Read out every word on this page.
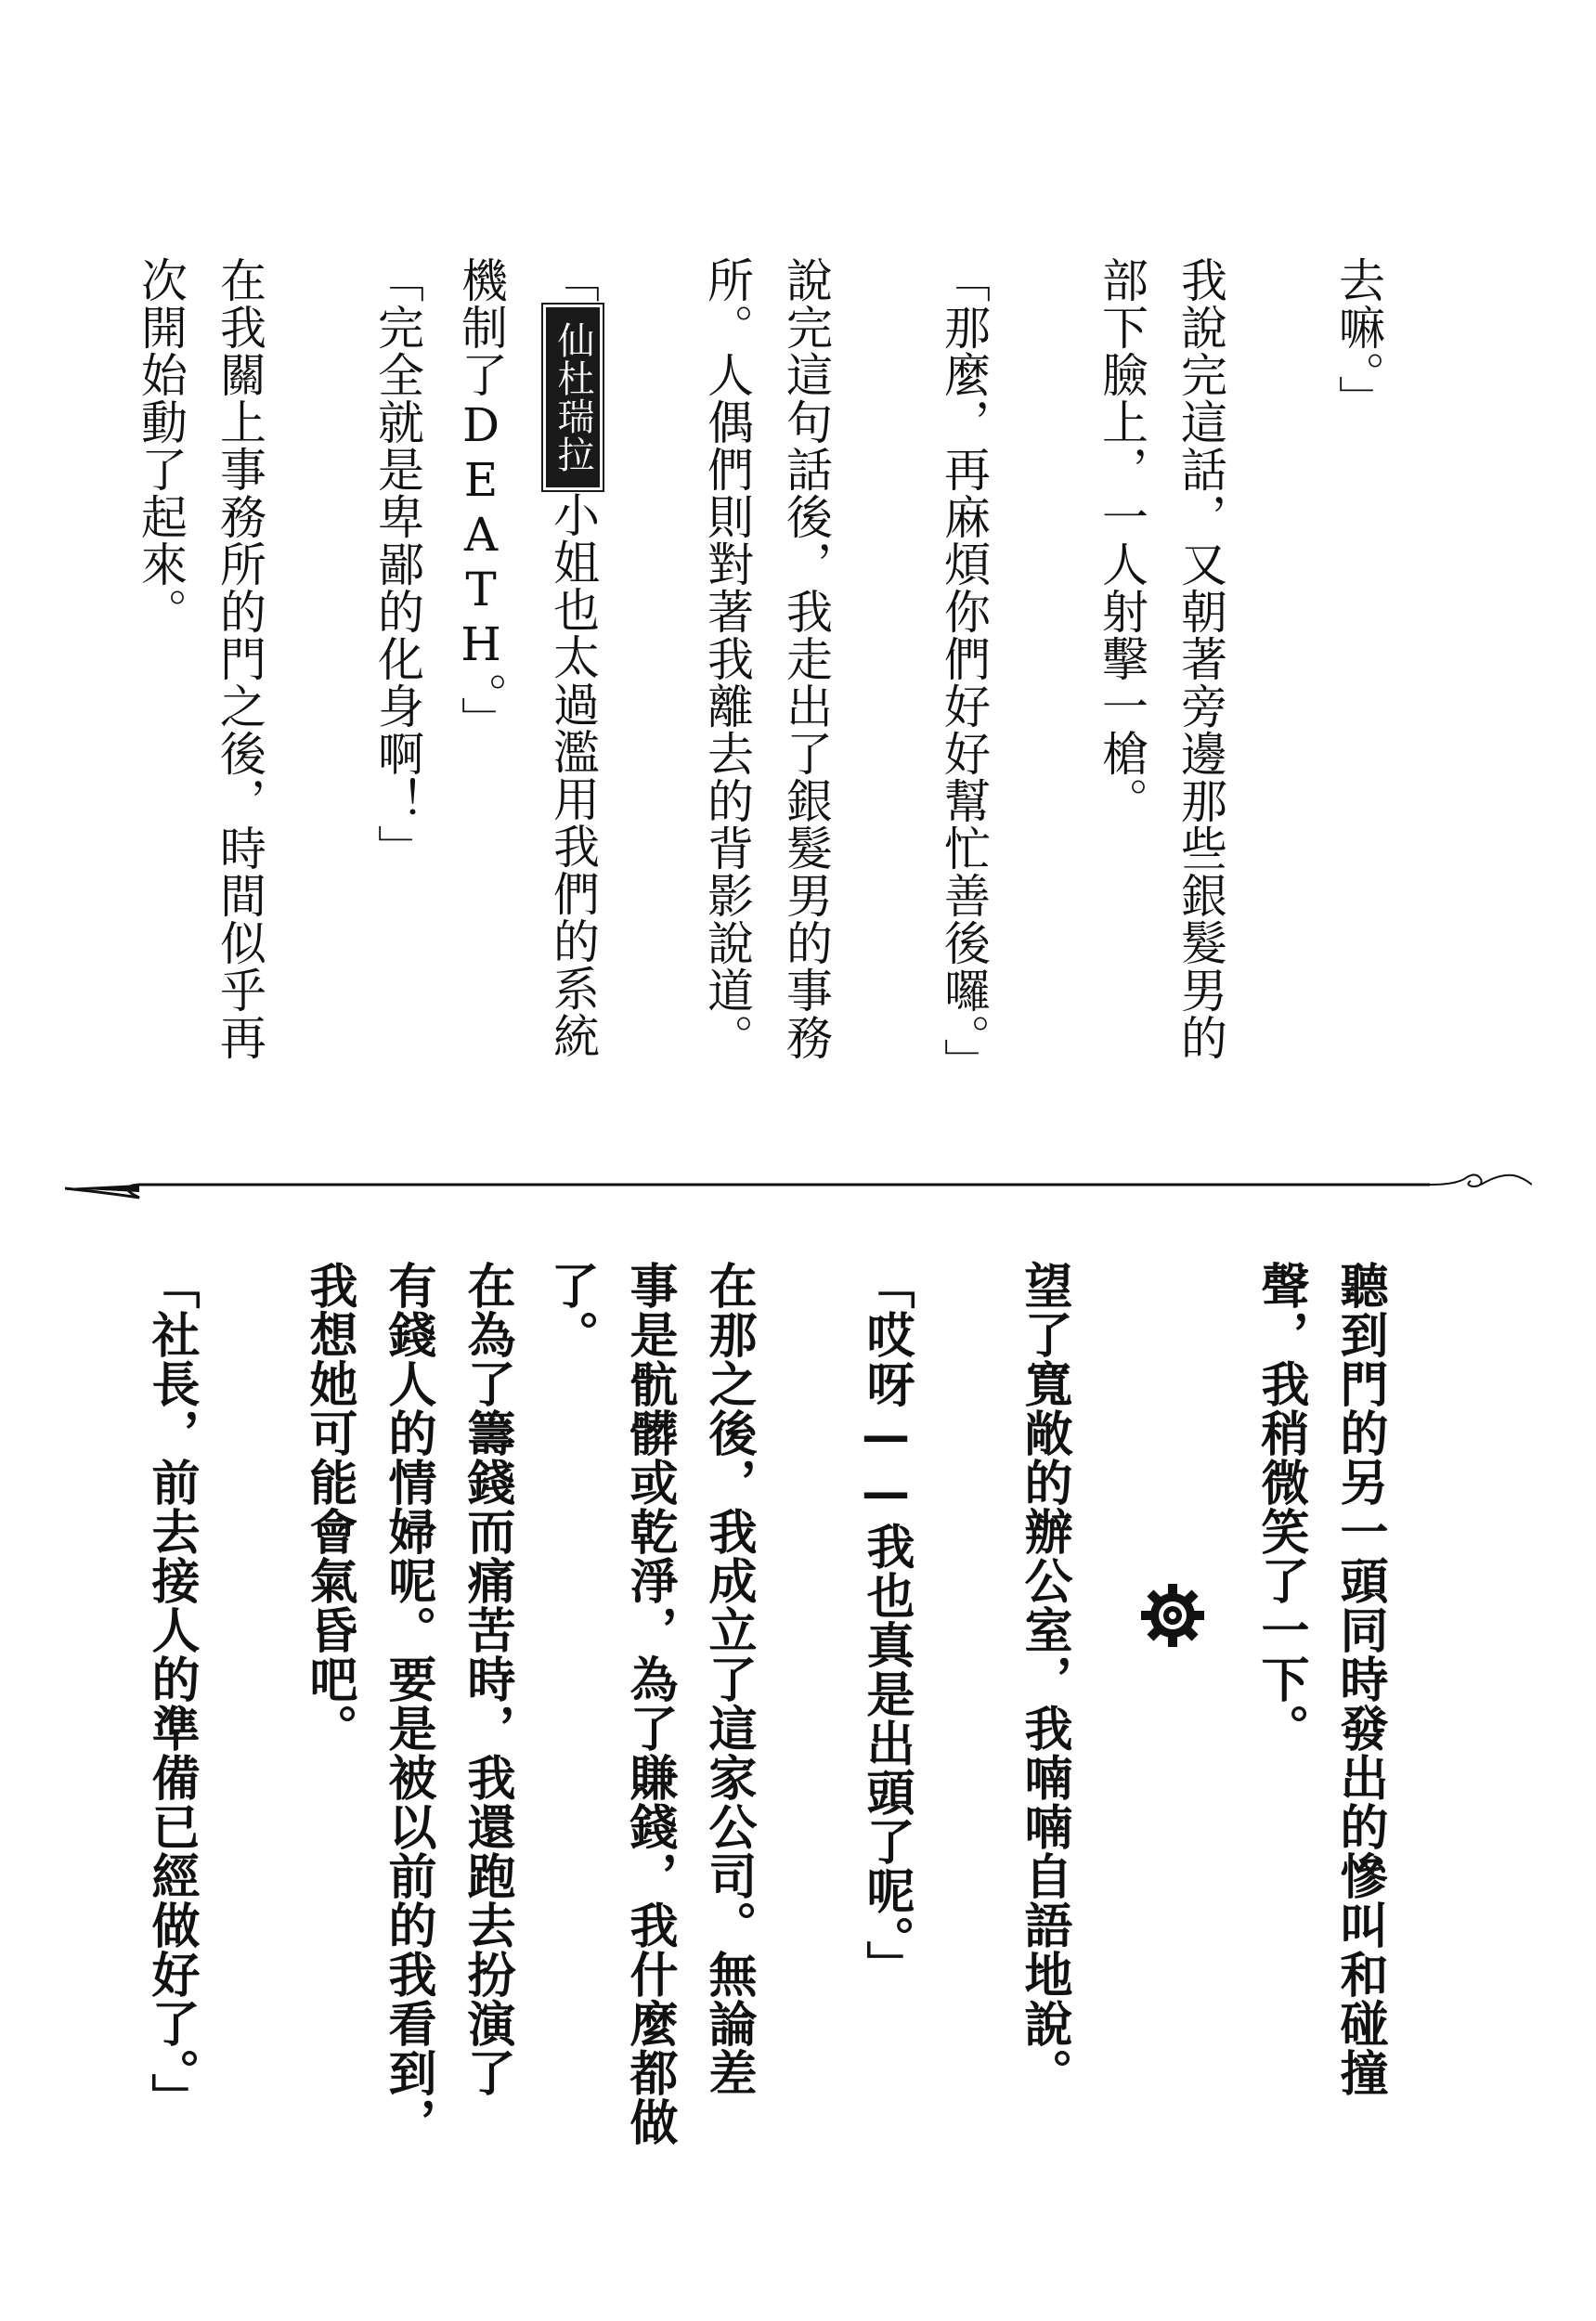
去嘛。」
我說完這話，又朝著旁邊那些銀髮男的
部下臉上，一人射擊一槍。
「那麼，再麻煩你們好好幫忙善後囉。」
說完這句話後，我走出了銀髮男的事務
所。人偶們則對著我離去的背影說道。
「仙杜瑞拉小姐也太過濫用我們的系統
機制了DEATH。」
「完全就是卑鄙的化身啊！」
在我關上事務所的門之後，時間似乎再
次開始動了起來。
聽到門的另一頭同時發出的慘叫和碰撞
聲，我稍微笑了一下。
望了寬敞的辦公室，我喃喃自語地說。
「哎呀——我也真是出頭了呢。」
在那之後，我成立了這家公司。無論差
事是骯髒或乾淨，為了賺錢，我什麼都做
了。
在為了籌錢而痛苦時，我還跑去扮演了
有錢人的情婦呢。要是被以前的我看到，
我想她可能會氣昏吧。
「社長，前去接人的準備已經做好了。」
